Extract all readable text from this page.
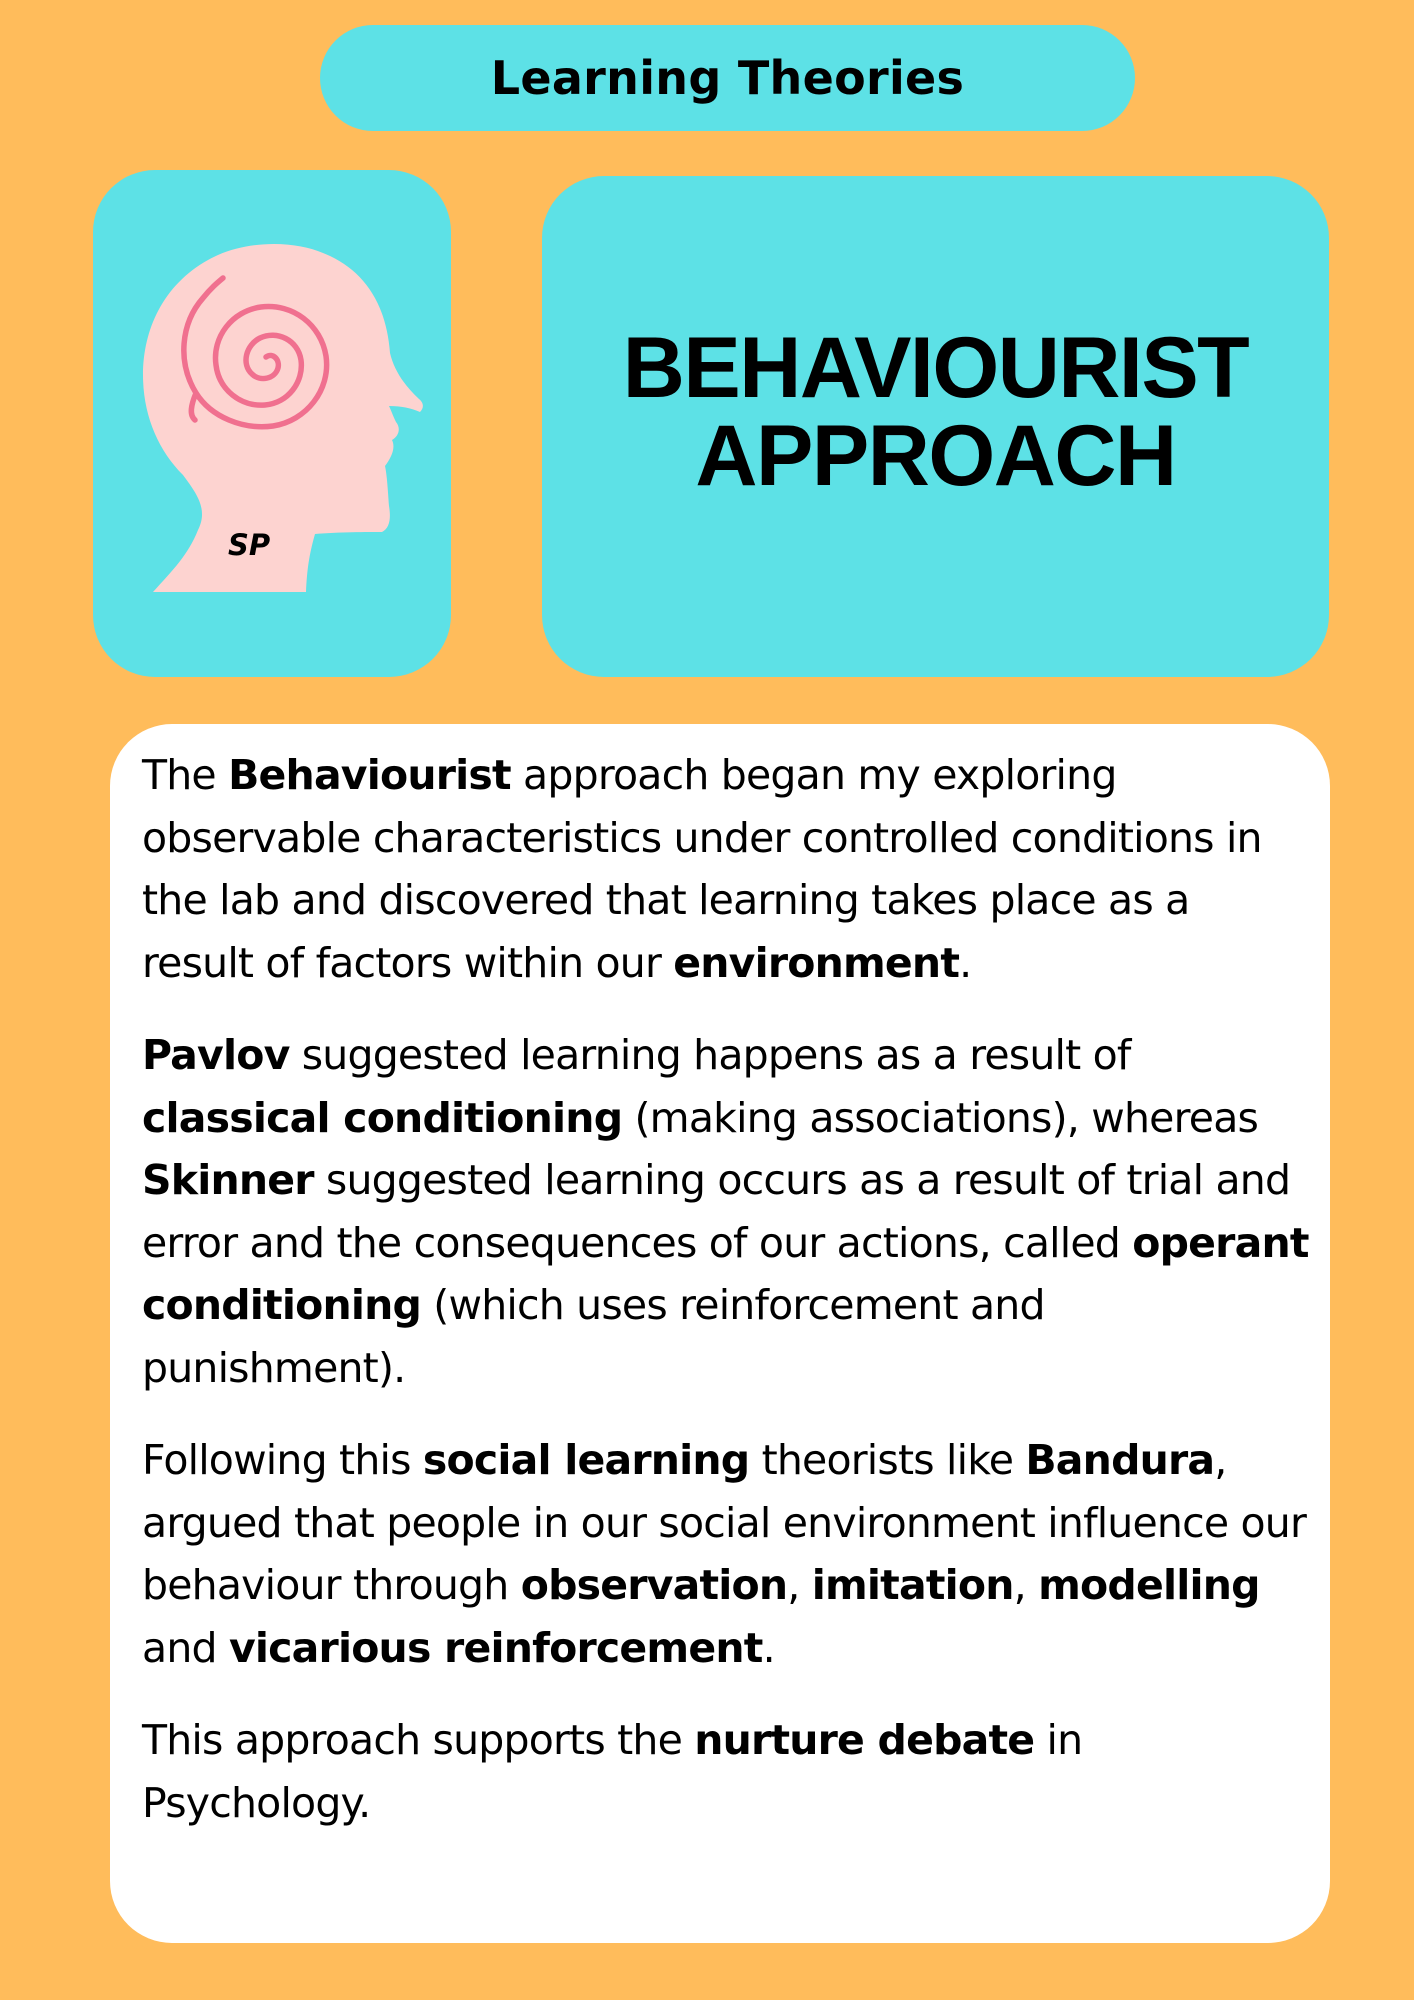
Learning Theories
SP
BEHAVIOURIST
APPROACH

The Behaviourist approach began my exploring observable characteristics under controlled conditions in the lab and discovered that learning takes place as a result of factors within our environment.

Pavlov suggested learning happens as a result of classical conditioning (making associations), whereas Skinner suggested learning occurs as a result of trial and error and the consequences of our actions, called operant conditioning (which uses reinforcement and punishment).

Following this social learning theorists like Bandura, argued that people in our social environment influence our behaviour through observation, imitation, modelling and vicarious reinforcement.

This approach supports the nurture debate in Psychology.
